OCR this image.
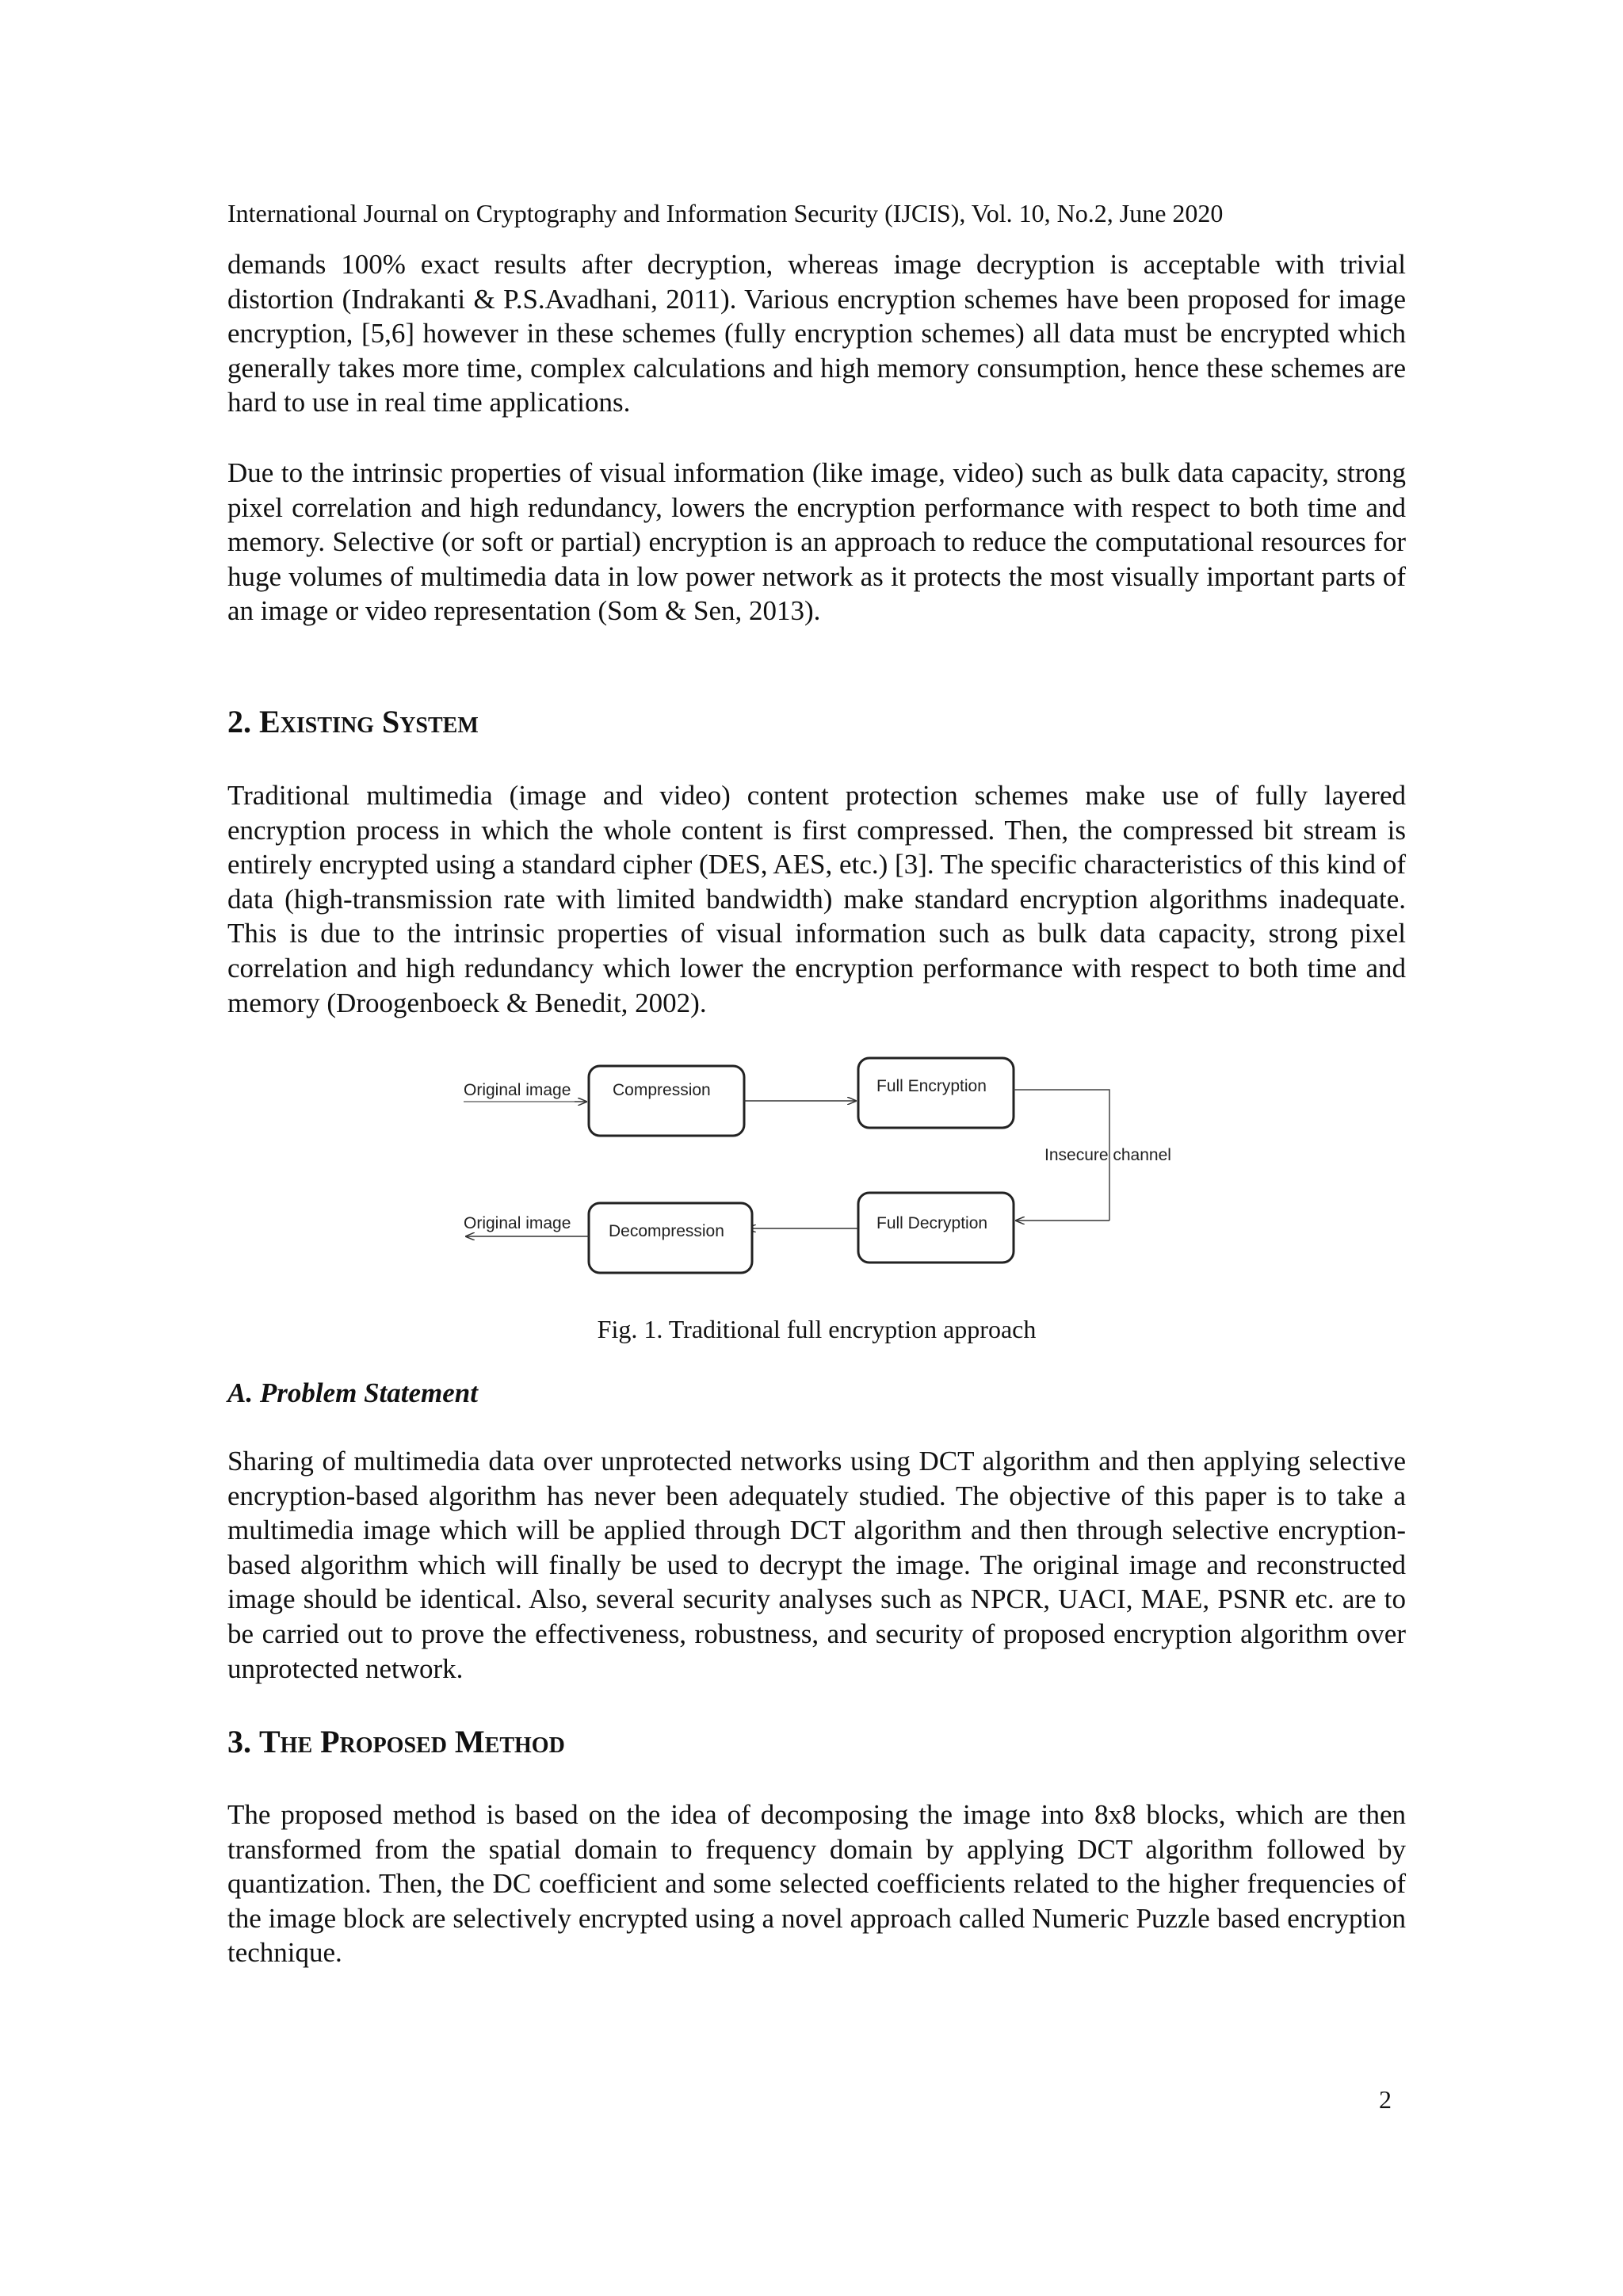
International Journal on Cryptography and Information Security (IJCIS), Vol. 10, No.2, June 2020

demands 100% exact results after decryption, whereas image decryption is acceptable with trivial distortion (Indrakanti & P.S.Avadhani, 2011). Various encryption schemes have been proposed for image encryption, [5,6] however in these schemes (fully encryption schemes) all data must be encrypted which generally takes more time, complex calculations and high memory consumption, hence these schemes are hard to use in real time applications.

Due to the intrinsic properties of visual information (like image, video) such as bulk data capacity, strong pixel correlation and high redundancy, lowers the encryption performance with respect to both time and memory. Selective (or soft or partial) encryption is an approach to reduce the computational resources for huge volumes of multimedia data in low power network as it protects the most visually important parts of an image or video representation (Som & Sen, 2013).

2. Existing System

Traditional multimedia (image and video) content protection schemes make use of fully layered encryption process in which the whole content is first compressed. Then, the compressed bit stream is entirely encrypted using a standard cipher (DES, AES, etc.) [3]. The specific characteristics of this kind of data (high-transmission rate with limited bandwidth) make standard encryption algorithms inadequate. This is due to the intrinsic properties of visual information such as bulk data capacity, strong pixel correlation and high redundancy which lower the encryption performance with respect to both time and memory (Droogenboeck & Benedit, 2002).

Original image	Compression	Full Encryption
Insecure channel
Full Decryption
Decompression
Original image

Fig. 1. Traditional full encryption approach

A. Problem Statement

Sharing of multimedia data over unprotected networks using DCT algorithm and then applying selective encryption-based algorithm has never been adequately studied. The objective of this paper is to take a multimedia image which will be applied through DCT algorithm and then through selective encryption-based algorithm which will finally be used to decrypt the image. The original image and reconstructed image should be identical. Also, several security analyses such as NPCR, UACI, MAE, PSNR etc. are to be carried out to prove the effectiveness, robustness, and security of proposed encryption algorithm over unprotected network.

3. The Proposed Method

The proposed method is based on the idea of decomposing the image into 8x8 blocks, which are then transformed from the spatial domain to frequency domain by applying DCT algorithm followed by quantization. Then, the DC coefficient and some selected coefficients related to the higher frequencies of the image block are selectively encrypted using a novel approach called Numeric Puzzle based encryption technique.

2
